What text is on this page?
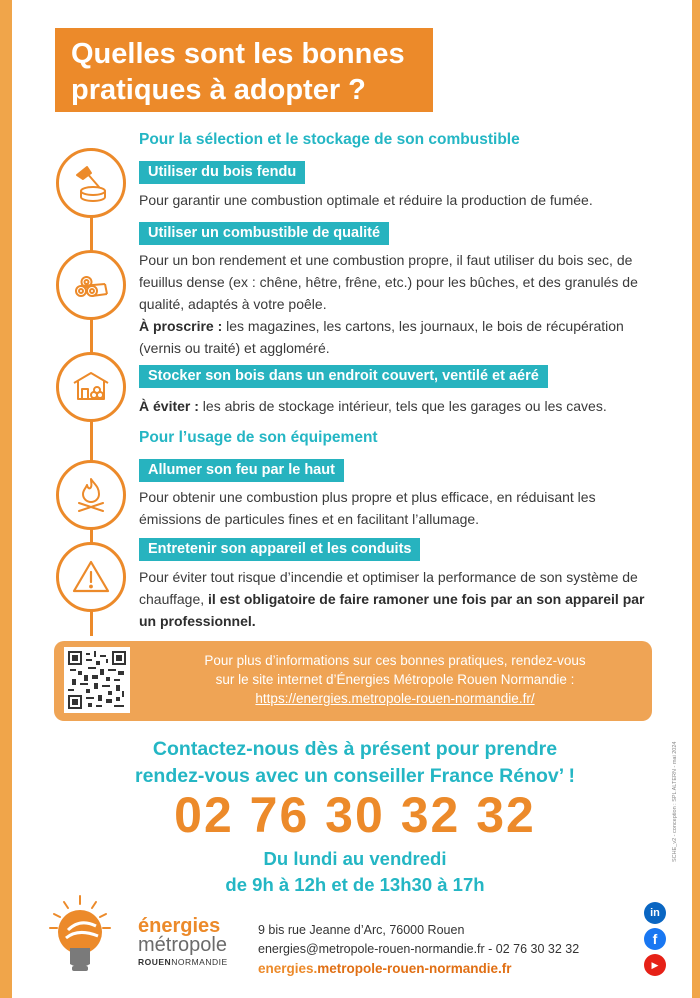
Quelles sont les bonnes
pratiques à adopter ?
Pour la sélection et le stockage de son combustible
Utiliser du bois fendu
Pour garantir une combustion optimale et réduire la production de fumée.
Utiliser un combustible de qualité
Pour un bon rendement et une combustion propre, il faut utiliser du bois sec, de feuillus dense (ex : chêne, hêtre, frêne, etc.) pour les bûches, et des granulés de qualité, adaptés à votre poêle.
À proscrire : les magazines, les cartons, les journaux, le bois de récupération (vernis ou traité) et aggloméré.
Stocker son bois dans un endroit couvert, ventilé et aéré
À éviter : les abris de stockage intérieur, tels que les garages ou les caves.
Pour l’usage de son équipement
Allumer son feu par le haut
Pour obtenir une combustion plus propre et plus efficace, en réduisant les émissions de particules fines et en facilitant l’allumage.
Entretenir son appareil et les conduits
Pour éviter tout risque d’incendie et optimiser la performance de son système de chauffage, il est obligatoire de faire ramoner une fois par an son appareil par un professionnel.
Pour plus d’informations sur ces bonnes pratiques, rendez-vous
sur le site internet d’Énergies Métropole Rouen Normandie :
https://energies.metropole-rouen-normandie.fr/
Contactez-nous dès à présent pour prendre
rendez-vous avec un conseiller France Rénov’ !
02 76 30 32 32
Du lundi au vendredi
de 9h à 12h et de 13h30 à 17h
énergies
métropole
ROUENNORMANDIE
9 bis rue Jeanne d’Arc, 76000 Rouen
energies@metropole-rouen-normandie.fr - 02 76 30 32 32
energies.metropole-rouen-normandie.fr
in
f
▶
SCHE_v2 - conception : SPL ALTERN - mai 2024
